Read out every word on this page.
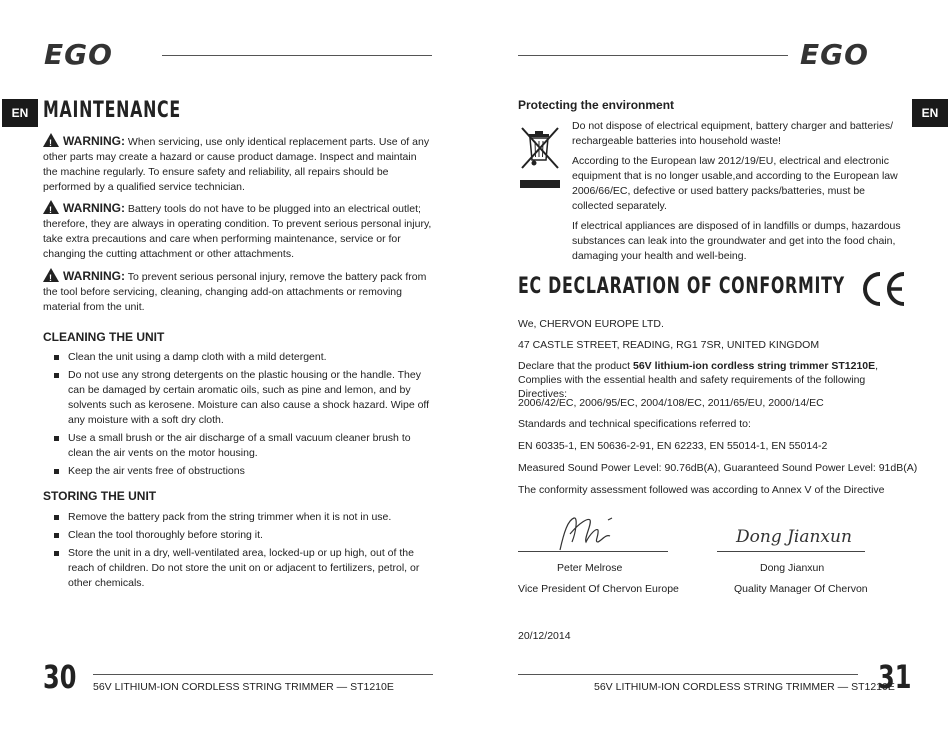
EGO
EN MAINTENANCE
! WARNING: When servicing, use only identical replacement parts. Use of any other parts may create a hazard or cause product damage. Inspect and maintain the machine regularly. To ensure safety and reliability, all repairs should be performed by a qualified service technician.
! WARNING: Battery tools do not have to be plugged into an electrical outlet; therefore, they are always in operating condition. To prevent serious personal injury, take extra precautions and care when performing maintenance, service or for changing the cutting attachment or other attachments.
! WARNING: To prevent serious personal injury, remove the battery pack from the tool before servicing, cleaning, changing add-on attachments or removing material from the unit.
CLEANING THE UNIT
Clean the unit using a damp cloth with a mild detergent.
Do not use any strong detergents on the plastic housing or the handle. They can be damaged by certain aromatic oils, such as pine and lemon, and by solvents such as kerosene. Moisture can also cause a shock hazard. Wipe off any moisture with a soft dry cloth.
Use a small brush or the air discharge of a small vacuum cleaner brush to clean the air vents on the motor housing.
Keep the air vents free of obstructions
STORING THE UNIT
Remove the battery pack from the string trimmer when it is not in use.
Clean the tool thoroughly before storing it.
Store the unit in a dry, well-ventilated area, locked-up or up high, out of the reach of children. Do not store the unit on or adjacent to fertilizers, petrol, or other chemicals.
30 56V LITHIUM-ION CORDLESS STRING TRIMMER — ST1210E
EGO
EN
Protecting the environment
Do not dispose of electrical equipment, battery charger and batteries/ rechargeable batteries into household waste!
According to the European law 2012/19/EU, electrical and electronic equipment that is no longer usable,and according to the European law 2006/66/EC, defective or used battery packs/batteries, must be collected separately.
If electrical appliances are disposed of in landfills or dumps, hazardous substances can leak into the groundwater and get into the food chain, damaging your health and well-being.
EC DECLARATION OF CONFORMITY
We, CHERVON EUROPE LTD.
47 CASTLE STREET, READING, RG1 7SR, UNITED KINGDOM
Declare that the product 56V lithium-ion cordless string trimmer ST1210E,
Complies with the essential health and safety requirements of the following Directives:
2006/42/EC, 2006/95/EC, 2004/108/EC, 2011/65/EU, 2000/14/EC
Standards and technical specifications referred to:
EN 60335-1, EN 50636-2-91, EN 62233, EN 55014-1, EN 55014-2
Measured Sound Power Level: 90.76dB(A), Guaranteed Sound Power Level: 91dB(A)
The conformity assessment followed was according to Annex V of the Directive
Dong Jianxun
Peter Melrose	Dong Jianxun
Vice President Of Chervon Europe	Quality Manager Of Chervon
20/12/2014
56V LITHIUM-ION CORDLESS STRING TRIMMER — ST1210E
31
